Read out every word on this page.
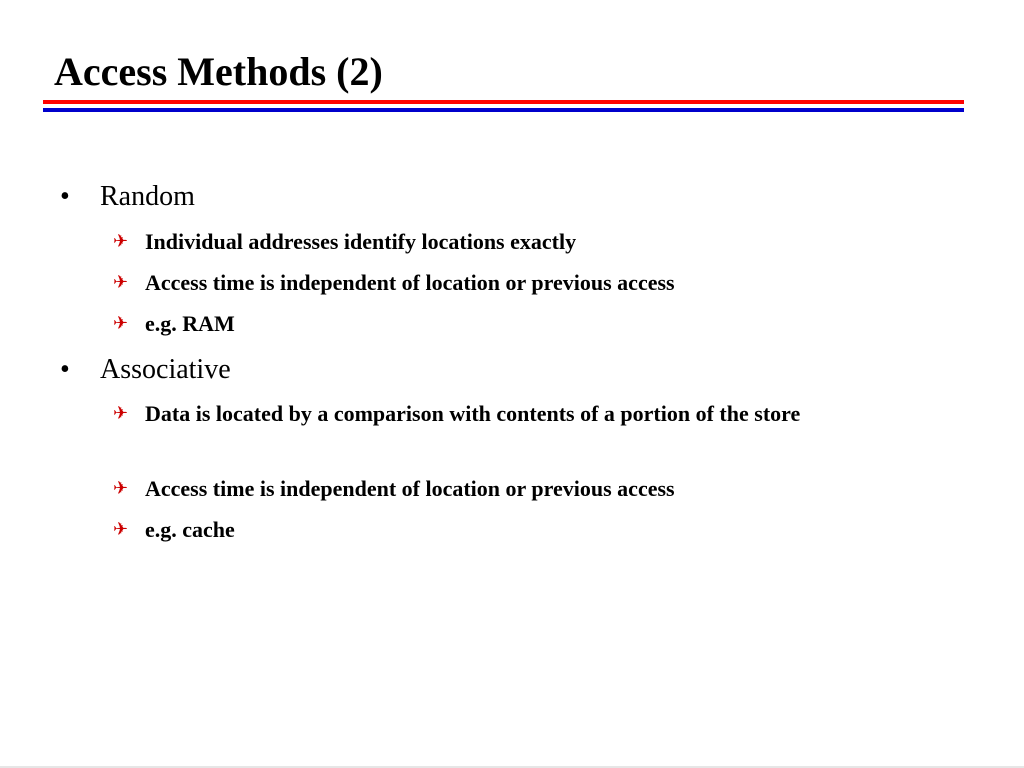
Access Methods (2)
• Random
✈ Individual addresses identify locations exactly
✈ Access time is independent of location or previous access
✈ e.g. RAM
• Associative
✈ Data is located by a comparison with contents of a portion of the store
✈ Access time is independent of location or previous access
✈ e.g. cache
